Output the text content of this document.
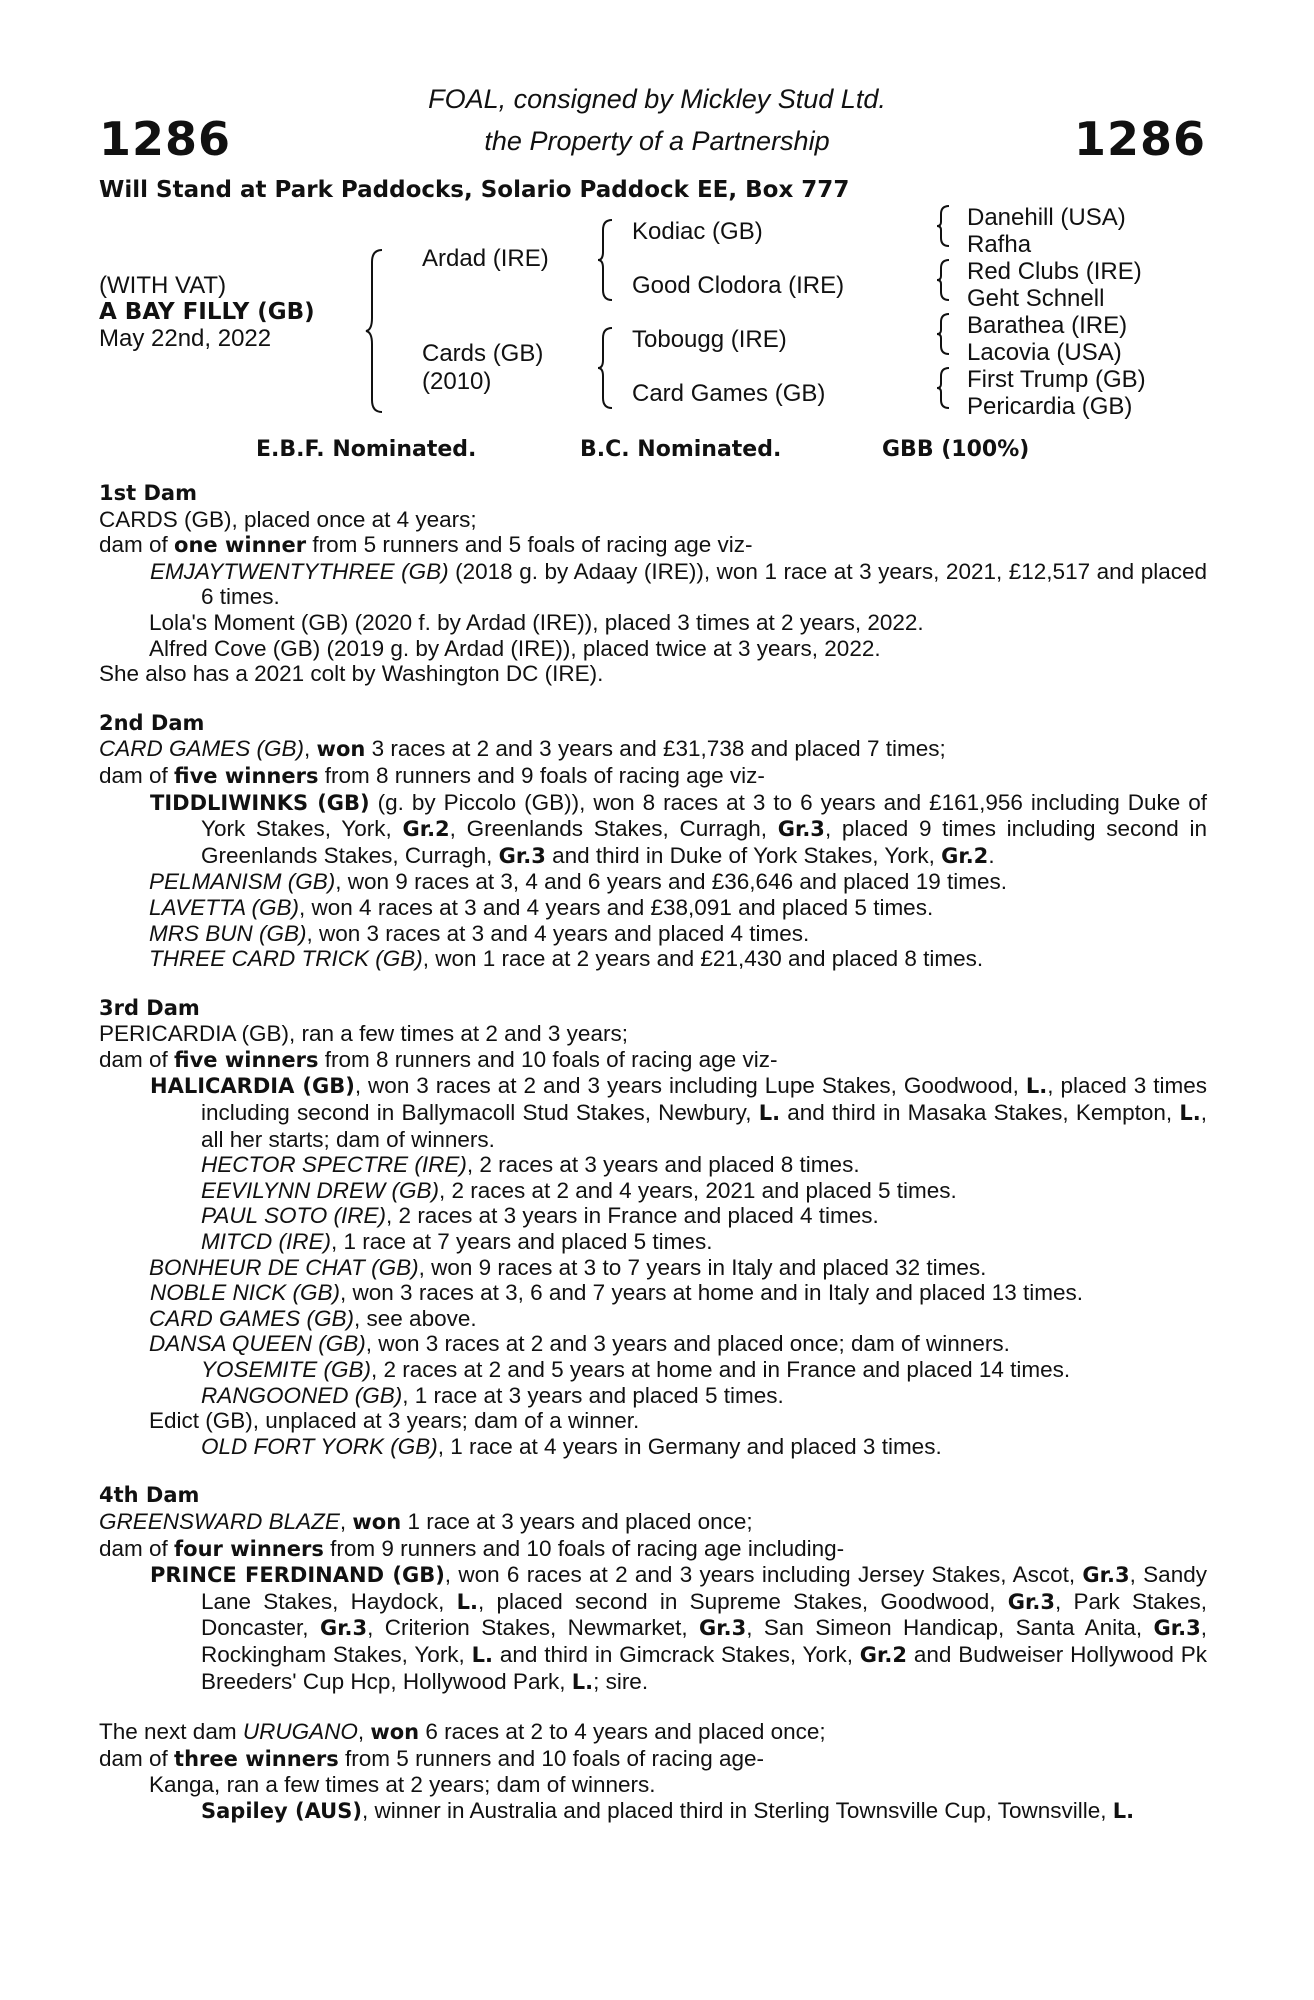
1286	1286
FOAL, consigned by Mickley Stud Ltd.
the Property of a Partnership
Will Stand at Park Paddocks, Solario Paddock EE, Box 777
(WITH VAT)
A BAY FILLY (GB)
May 22nd, 2022
Ardad (IRE)
Cards (GB)
(2010)
Kodiac (GB)
Good Clodora (IRE)
Tobougg (IRE)
Card Games (GB)
Danehill (USA)
Rafha
Red Clubs (IRE)
Geht Schnell
Barathea (IRE)
Lacovia (USA)
First Trump (GB)
Pericardia (GB)
E.B.F. Nominated.	B.C. Nominated.	GBB (100%)
1st Dam
CARDS (GB), placed once at 4 years;
dam of one winner from 5 runners and 5 foals of racing age viz-
EMJAYTWENTYTHREE (GB) (2018 g. by Adaay (IRE)), won 1 race at 3 years, 2021, £12,517 and placed 6 times.
Lola's Moment (GB) (2020 f. by Ardad (IRE)), placed 3 times at 2 years, 2022.
Alfred Cove (GB) (2019 g. by Ardad (IRE)), placed twice at 3 years, 2022.
She also has a 2021 colt by Washington DC (IRE).
2nd Dam
CARD GAMES (GB), won 3 races at 2 and 3 years and £31,738 and placed 7 times;
dam of five winners from 8 runners and 9 foals of racing age viz-
TIDDLIWINKS (GB) (g. by Piccolo (GB)), won 8 races at 3 to 6 years and £161,956 including Duke of York Stakes, York, Gr.2, Greenlands Stakes, Curragh, Gr.3, placed 9 times including second in Greenlands Stakes, Curragh, Gr.3 and third in Duke of York Stakes, York, Gr.2.
PELMANISM (GB), won 9 races at 3, 4 and 6 years and £36,646 and placed 19 times.
LAVETTA (GB), won 4 races at 3 and 4 years and £38,091 and placed 5 times.
MRS BUN (GB), won 3 races at 3 and 4 years and placed 4 times.
THREE CARD TRICK (GB), won 1 race at 2 years and £21,430 and placed 8 times.
3rd Dam
PERICARDIA (GB), ran a few times at 2 and 3 years;
dam of five winners from 8 runners and 10 foals of racing age viz-
HALICARDIA (GB), won 3 races at 2 and 3 years including Lupe Stakes, Goodwood, L., placed 3 times including second in Ballymacoll Stud Stakes, Newbury, L. and third in Masaka Stakes, Kempton, L., all her starts; dam of winners.
HECTOR SPECTRE (IRE), 2 races at 3 years and placed 8 times.
EEVILYNN DREW (GB), 2 races at 2 and 4 years, 2021 and placed 5 times.
PAUL SOTO (IRE), 2 races at 3 years in France and placed 4 times.
MITCD (IRE), 1 race at 7 years and placed 5 times.
BONHEUR DE CHAT (GB), won 9 races at 3 to 7 years in Italy and placed 32 times.
NOBLE NICK (GB), won 3 races at 3, 6 and 7 years at home and in Italy and placed 13 times.
CARD GAMES (GB), see above.
DANSA QUEEN (GB), won 3 races at 2 and 3 years and placed once; dam of winners.
YOSEMITE (GB), 2 races at 2 and 5 years at home and in France and placed 14 times.
RANGOONED (GB), 1 race at 3 years and placed 5 times.
Edict (GB), unplaced at 3 years; dam of a winner.
OLD FORT YORK (GB), 1 race at 4 years in Germany and placed 3 times.
4th Dam
GREENSWARD BLAZE, won 1 race at 3 years and placed once;
dam of four winners from 9 runners and 10 foals of racing age including-
PRINCE FERDINAND (GB), won 6 races at 2 and 3 years including Jersey Stakes, Ascot, Gr.3, Sandy Lane Stakes, Haydock, L., placed second in Supreme Stakes, Goodwood, Gr.3, Park Stakes, Doncaster, Gr.3, Criterion Stakes, Newmarket, Gr.3, San Simeon Handicap, Santa Anita, Gr.3, Rockingham Stakes, York, L. and third in Gimcrack Stakes, York, Gr.2 and Budweiser Hollywood Pk Breeders' Cup Hcp, Hollywood Park, L.; sire.
The next dam URUGANO, won 6 races at 2 to 4 years and placed once;
dam of three winners from 5 runners and 10 foals of racing age-
Kanga, ran a few times at 2 years; dam of winners.
Sapiley (AUS), winner in Australia and placed third in Sterling Townsville Cup, Townsville, L.
